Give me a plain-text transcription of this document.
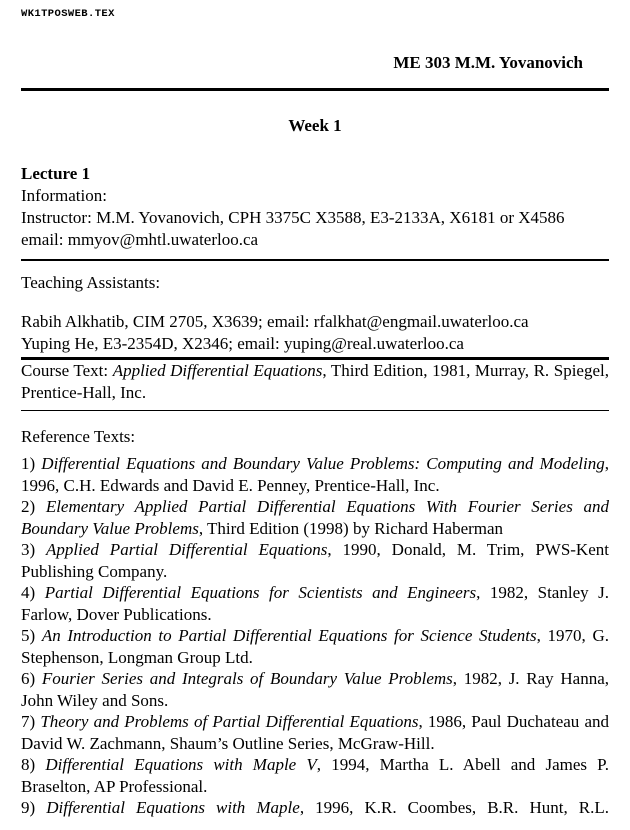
WK1TPOSWEB.TEX
ME 303 M.M. Yovanovich
Week 1
Lecture 1
Information:
Instructor: M.M. Yovanovich, CPH 3375C X3588, E3-2133A, X6181 or X4586
email: mmyov@mhtl.uwaterloo.ca
Teaching Assistants:
Rabih Alkhatib, CIM 2705, X3639; email: rfalkhat@engmail.uwaterloo.ca
Yuping He, E3-2354D, X2346; email: yuping@real.uwaterloo.ca

Course Text: Applied Differential Equations, Third Edition, 1981, Murray, R. Spiegel, Prentice-Hall, Inc.

Reference Texts:

1) Differential Equations and Boundary Value Problems: Computing and Modeling, 1996, C.H. Edwards and David E. Penney, Prentice-Hall, Inc.

2) Elementary Applied Partial Differential Equations With Fourier Series and Boundary Value Problems, Third Edition (1998) by Richard Haberman

3) Applied Partial Differential Equations, 1990, Donald, M. Trim, PWS-Kent Publishing Company.

4) Partial Differential Equations for Scientists and Engineers, 1982, Stanley J. Farlow, Dover Publications.

5) An Introduction to Partial Differential Equations for Science Students, 1970, G. Stephenson, Longman Group Ltd.

6) Fourier Series and Integrals of Boundary Value Problems, 1982, J. Ray Hanna, John Wiley and Sons.

7) Theory and Problems of Partial Differential Equations, 1986, Paul Duchateau and David W. Zachmann, Shaum’s Outline Series, McGraw-Hill.

8) Differential Equations with Maple V, 1994, Martha L. Abell and James P. Braselton, AP Professional.

9) Differential Equations with Maple, 1996, K.R. Coombes, B.R. Hunt, R.L.
